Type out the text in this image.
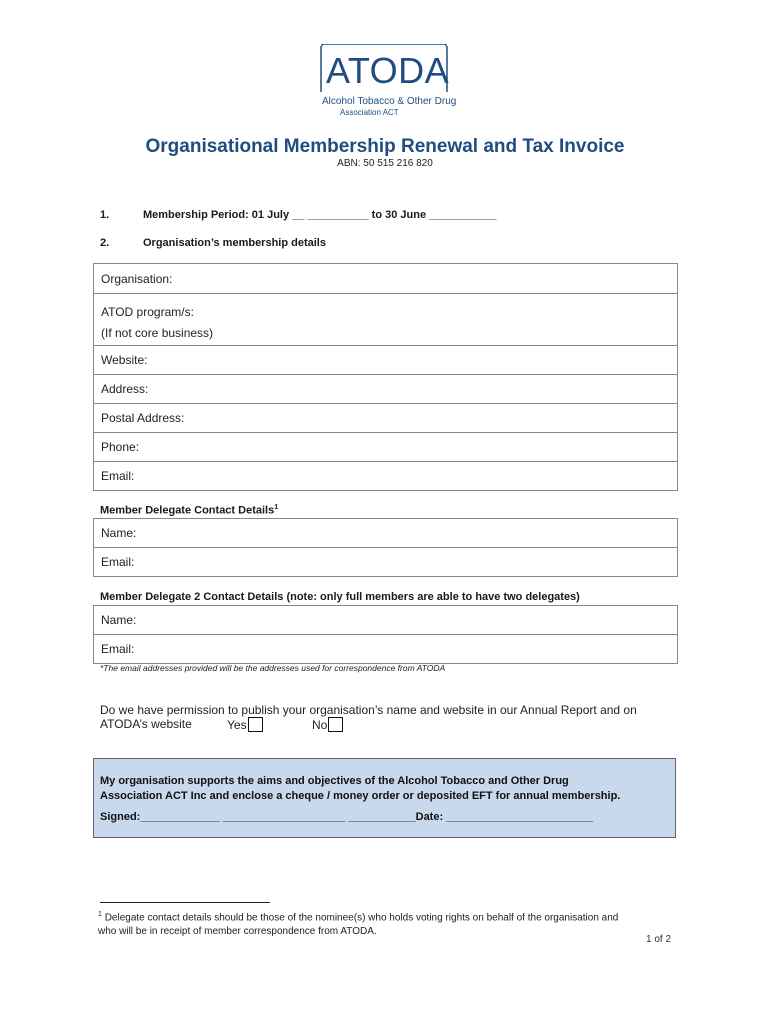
ATODA
Alcohol Tobacco & Other Drug
Association ACT
Organisational Membership Renewal and Tax Invoice
ABN: 50 515 216 820
1.	Membership Period: 01 July __ __________ to 30 June ___________
2.	Organisation’s membership details
Organisation:

ATOD program/s:
(If not core business)

Website:
Address:
Postal Address:
Phone:
Email:
Member Delegate Contact Details$^1$
Name:
Email:
Member Delegate 2 Contact Details (note: only full members are able to have two delegates)
Name:
Email:
*The email addresses provided will be the addresses used for correspondence from ATODA
Do we have permission to publish your organisation’s name and website in our Annual Report and on
ATODA’s website	Yes	No
My organisation supports the aims and objectives of the Alcohol Tobacco and Other Drug
Association ACT Inc and enclose a cheque / money order or deposited EFT for annual membership.
Signed:_____________ ____________________ ___________Date: ________________________
$^1$ Delegate contact details should be those of the nominee(s) who holds voting rights on behalf of the organisation and
who will be in receipt of member correspondence from ATODA.
1 of 2
